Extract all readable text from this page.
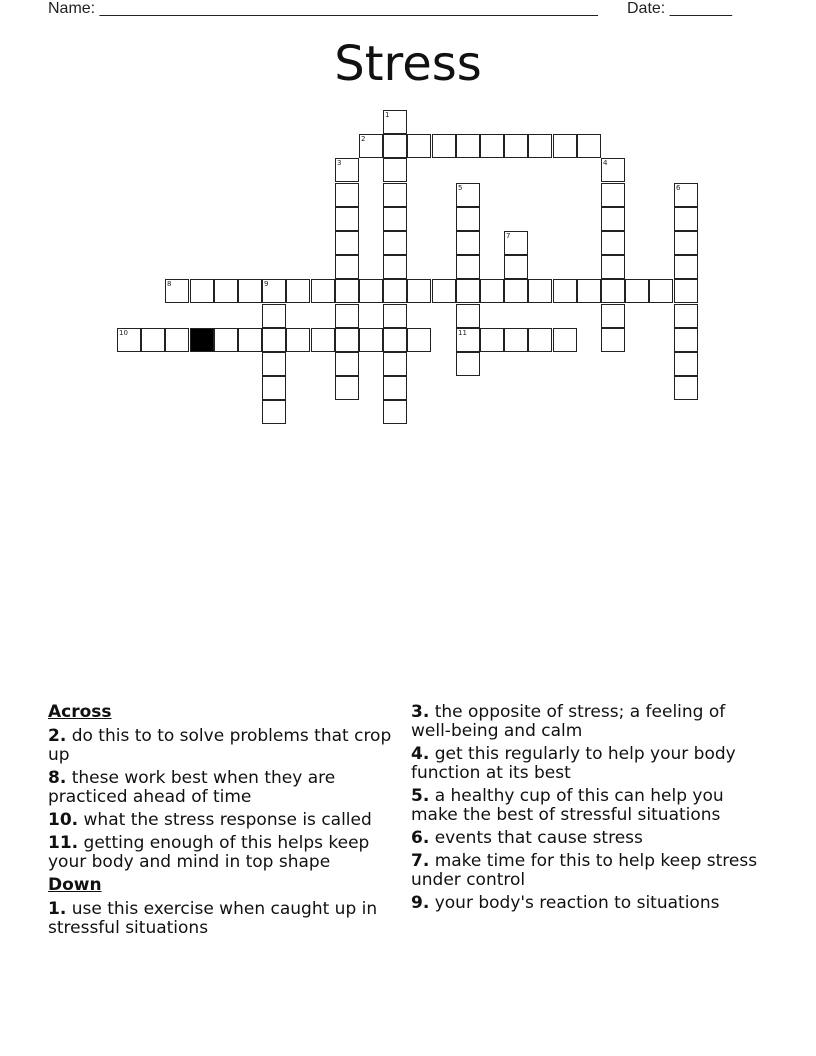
Name: ________________________________________________________ Date: _______
Stress
1
2
3	4
5
11
6
7
8	9
10
Across
2. do this to to solve problems that crop up
8. these work best when they are practiced ahead of time
10. what the stress response is called
11. getting enough of this helps keep your body and mind in top shape
Down
1. use this exercise when caught up in stressful situations
3. the opposite of stress; a feeling of well-being and calm
4. get this regularly to help your body function at its best
5. a healthy cup of this can help you make the best of stressful situations
6. events that cause stress
7. make time for this to help keep stress under control
9. your body's reaction to situations
